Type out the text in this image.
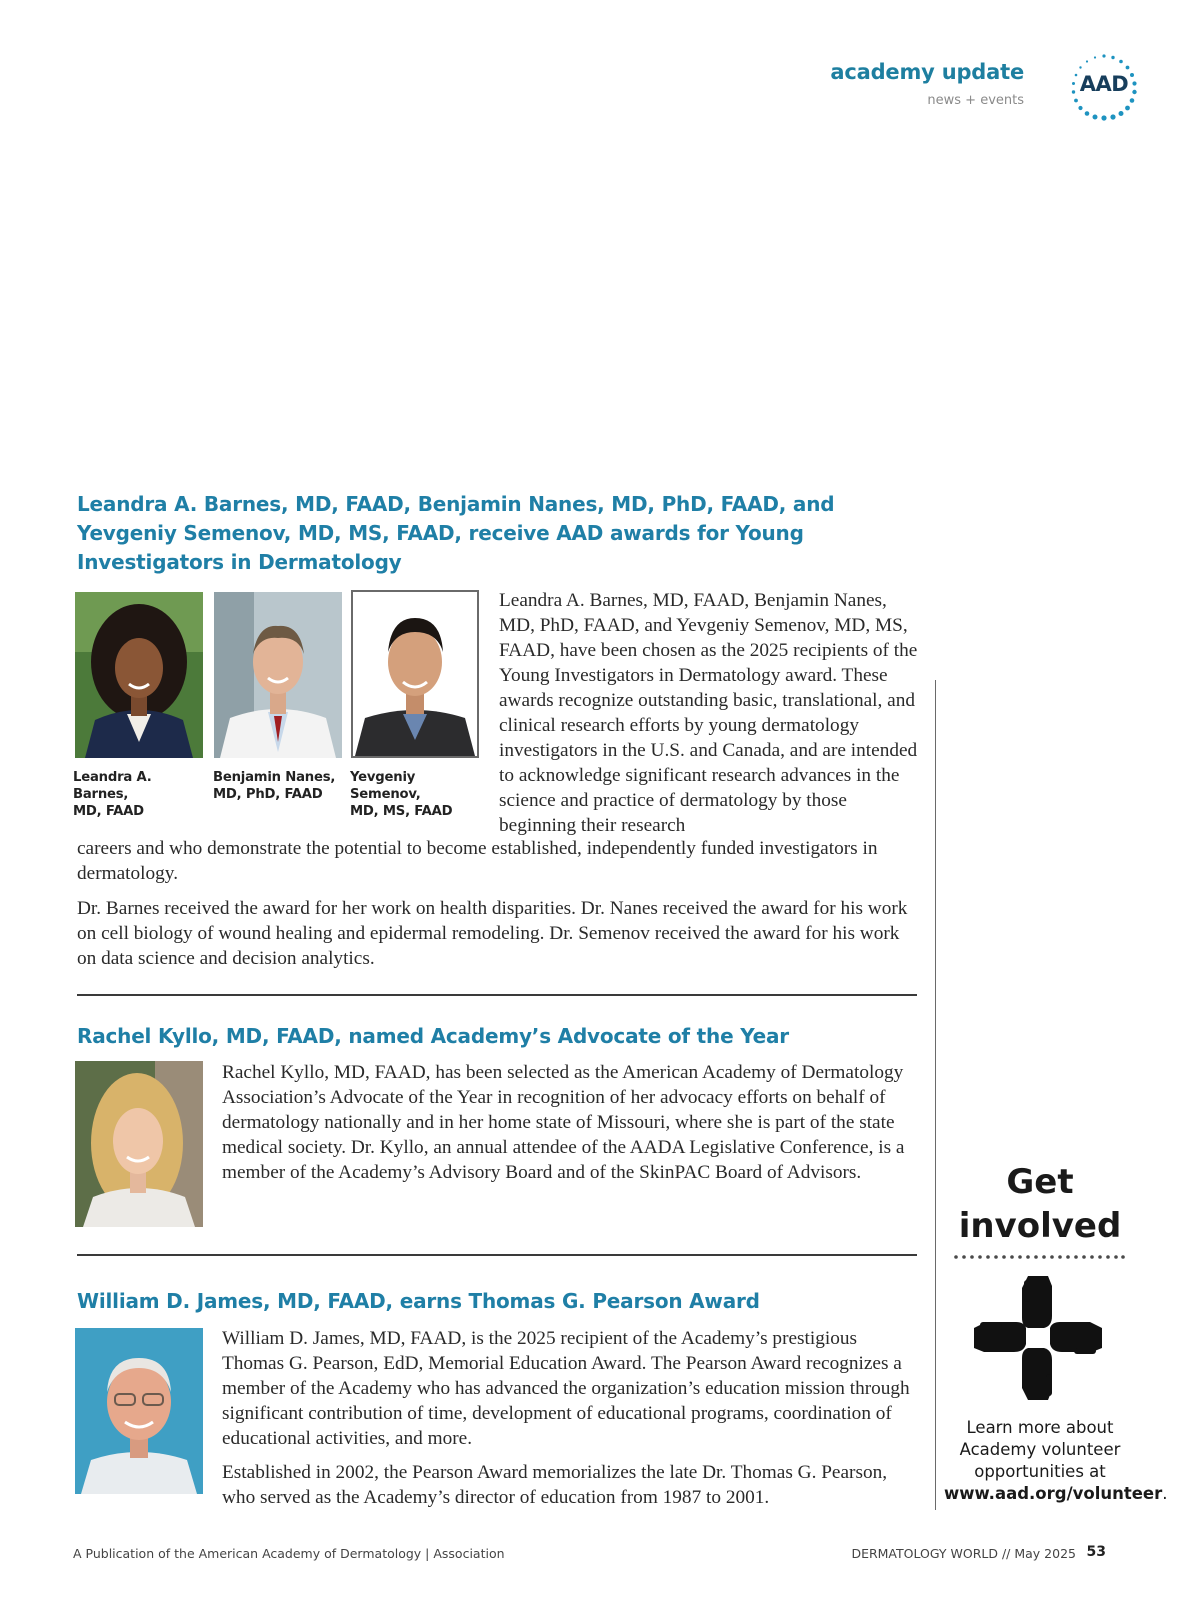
academy update
news + events
AAD
Leandra A. Barnes, MD, FAAD, Benjamin Nanes, MD, PhD, FAAD, and Yevgeniy Semenov, MD, MS, FAAD, receive AAD awards for Young Investigators in Dermatology
Leandra A. Barnes,
MD, FAAD
Benjamin Nanes,
MD, PhD, FAAD
Yevgeniy Semenov,
MD, MS, FAAD
Leandra A. Barnes, MD, FAAD, Benjamin Nanes, MD, PhD, FAAD, and Yevgeniy Semenov, MD, MS, FAAD, have been chosen as the 2025 recipients of the Young Investigators in Dermatology award. These awards recognize outstanding basic, translational, and clinical research efforts by young dermatology investigators in the U.S. and Canada, and are intended to acknowledge significant research advances in the science and practice of dermatology by those beginning their research
careers and who demonstrate the potential to become established, independently funded investigators in dermatology.
Dr. Barnes received the award for her work on health disparities. Dr. Nanes received the award for his work on cell biology of wound healing and epidermal remodeling. Dr. Semenov received the award for his work on data science and decision analytics.
Rachel Kyllo, MD, FAAD, named Academy’s Advocate of the Year
Rachel Kyllo, MD, FAAD, has been selected as the American Academy of Dermatology Association’s Advocate of the Year in recognition of her advocacy efforts on behalf of dermatology nationally and in her home state of Missouri, where she is part of the state medical society. Dr. Kyllo, an annual attendee of the AADA Legislative Conference, is a member of the Academy’s Advisory Board and of the SkinPAC Board of Advisors.
William D. James, MD, FAAD, earns Thomas G. Pearson Award
William D. James, MD, FAAD, is the 2025 recipient of the Academy’s prestigious Thomas G. Pearson, EdD, Memorial Education Award. The Pearson Award recognizes a member of the Academy who has advanced the organization’s education mission through significant contribution of time, development of educational programs, coordination of educational activities, and more.
Established in 2002, the Pearson Award memorializes the late Dr. Thomas G. Pearson, who served as the Academy’s director of education from 1987 to 2001.
Get involved
Learn more about Academy volunteer opportunities at www.aad.org/volunteer.
A Publication of the American Academy of Dermatology | Association	DERMATOLOGY WORLD // May 2025 53
